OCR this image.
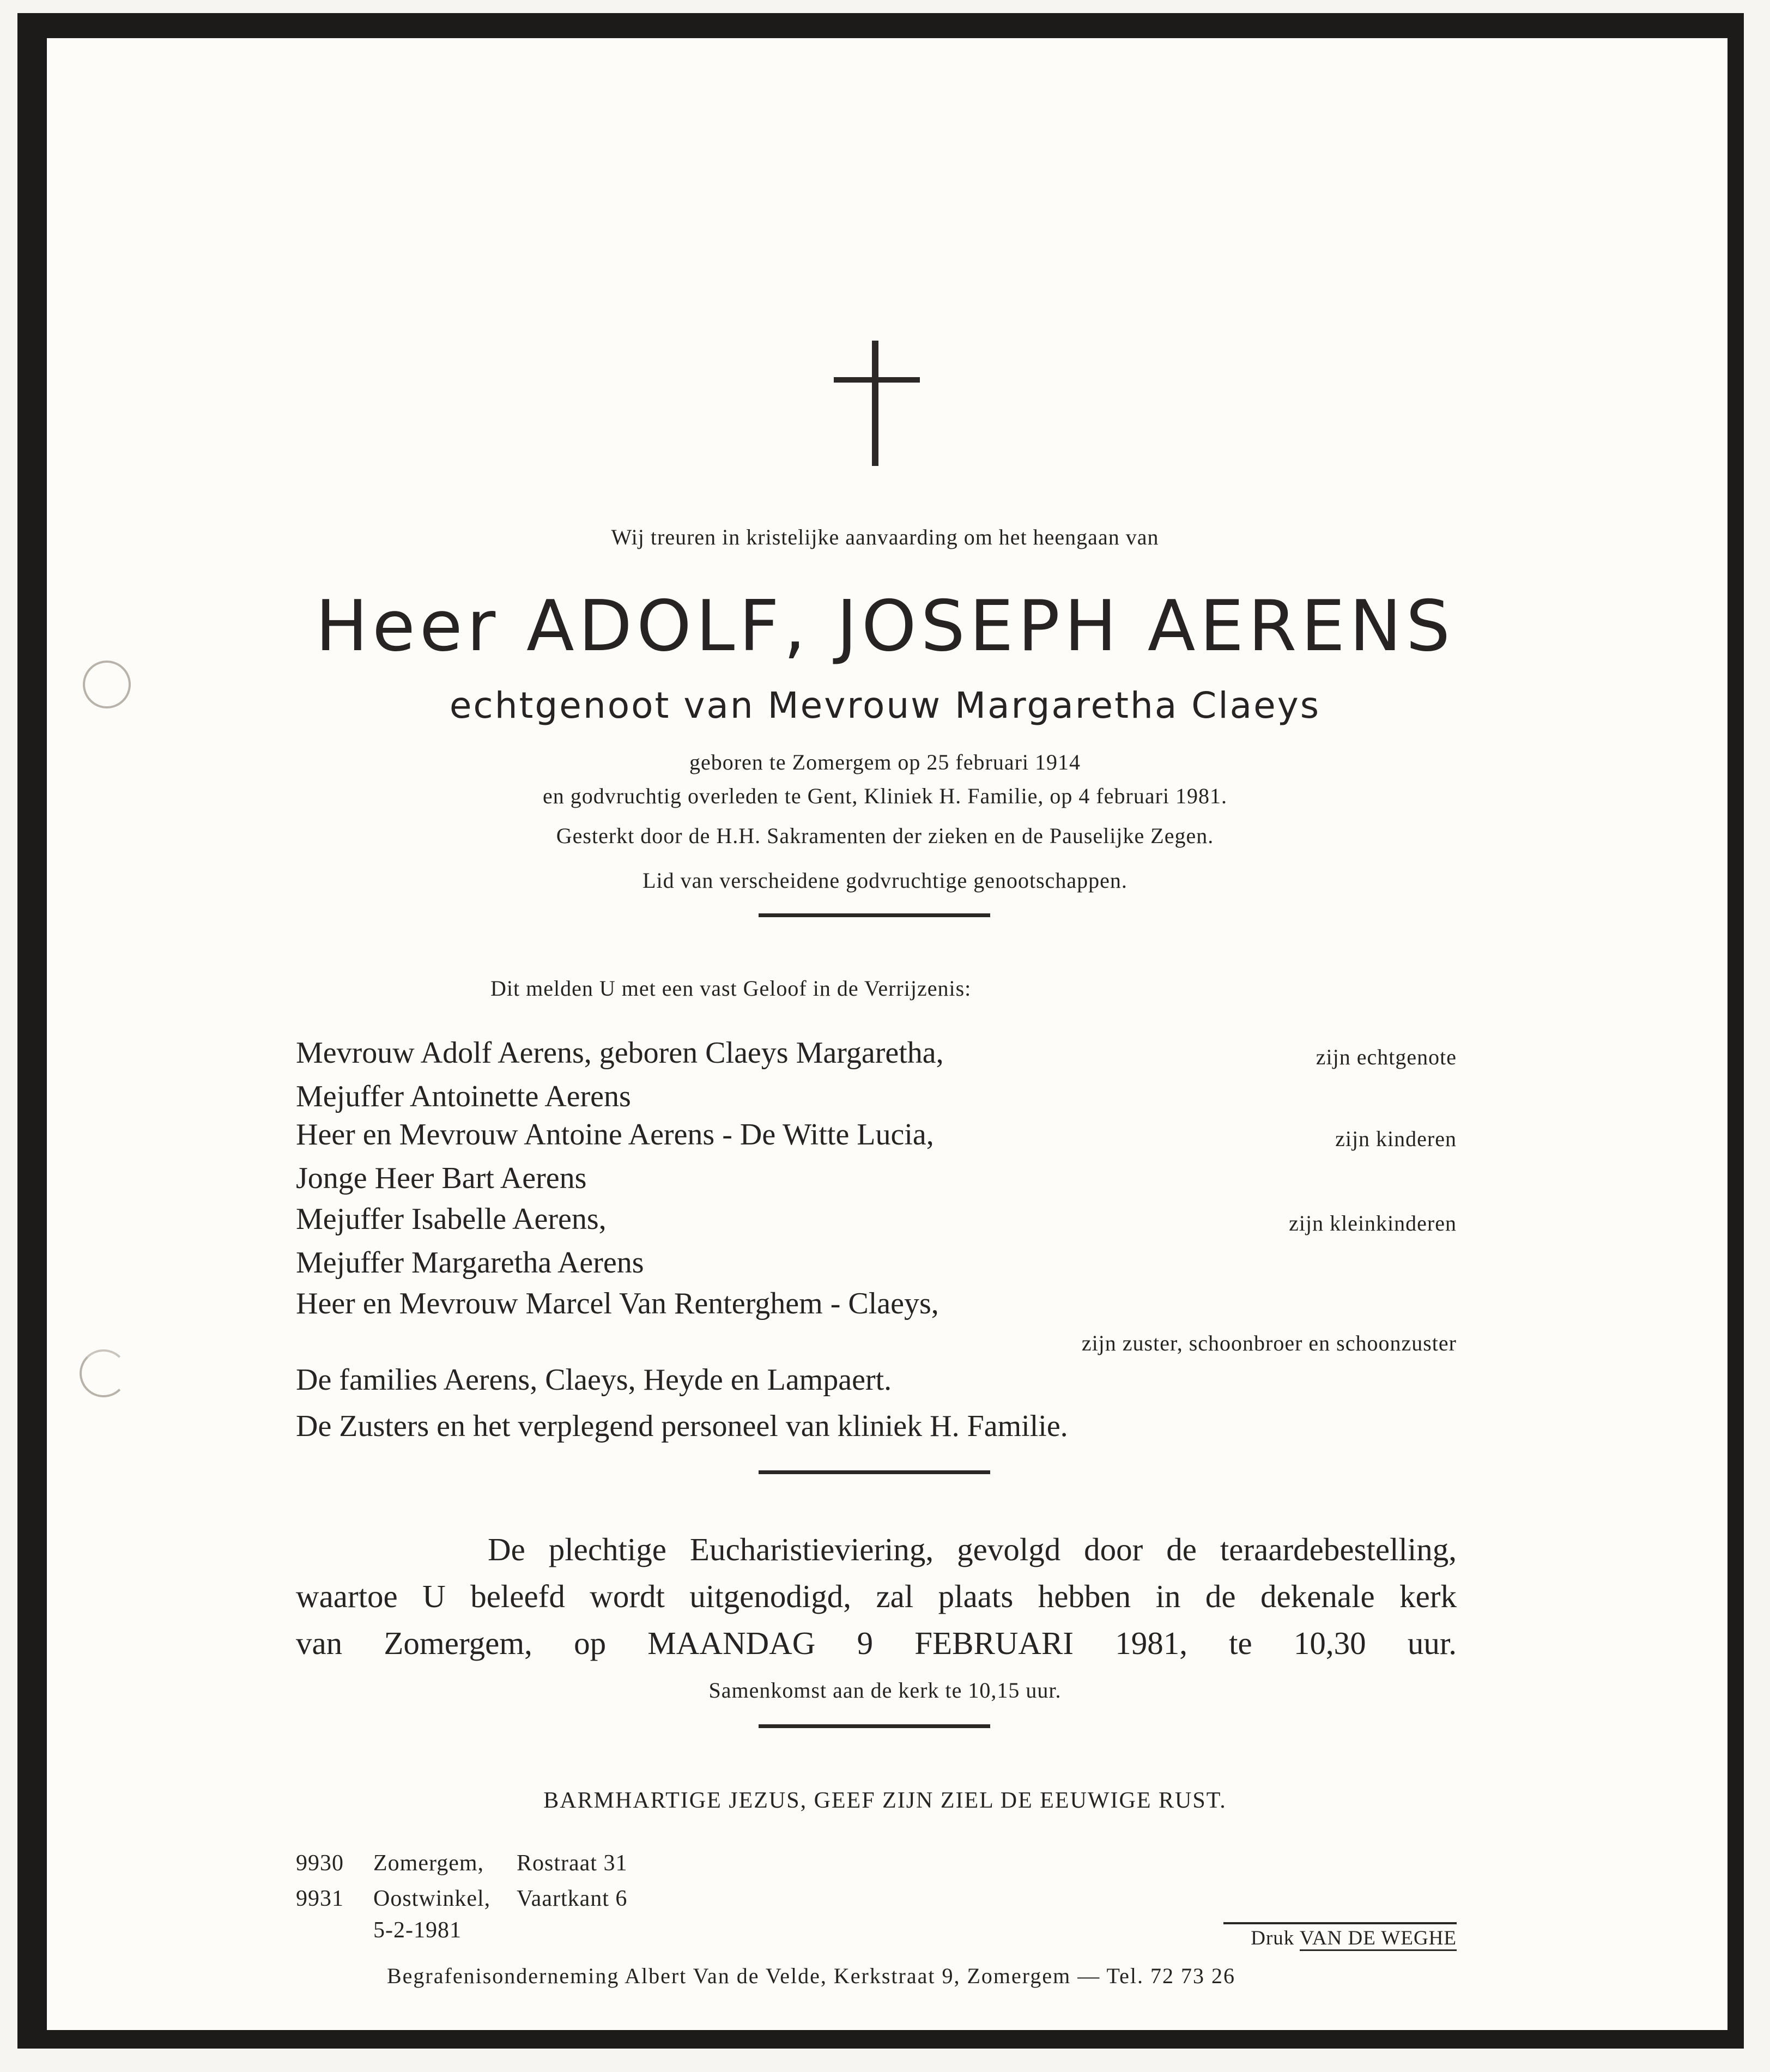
Wij treuren in kristelijke aanvaarding om het heengaan van
Heer ADOLF, JOSEPH AERENS
echtgenoot van Mevrouw Margaretha Claeys
geboren te Zomergem op 25 februari 1914
en godvruchtig overleden te Gent, Kliniek H. Familie, op 4 februari 1981.
Gesterkt door de H.H. Sakramenten der zieken en de Pauselijke Zegen.
Lid van verscheidene godvruchtige genootschappen.
Dit melden U met een vast Geloof in de Verrijzenis:
Mevrouw Adolf Aerens, geboren Claeys Margaretha,	zijn echtgenote
Mejuffer Antoinette Aerens
Heer en Mevrouw Antoine Aerens - De Witte Lucia,	zijn kinderen
Jonge Heer Bart Aerens
Mejuffer Isabelle Aerens,	zijn kleinkinderen
Mejuffer Margaretha Aerens
Heer en Mevrouw Marcel Van Renterghem - Claeys,
zijn zuster, schoonbroer en schoonzuster
De families Aerens, Claeys, Heyde en Lampaert.
De Zusters en het verplegend personeel van kliniek H. Familie.
De plechtige Eucharistieviering, gevolgd door de teraardebestelling,
waartoe U beleefd wordt uitgenodigd, zal plaats hebben in de dekenale kerk
van Zomergem, op MAANDAG 9 FEBRUARI 1981, te 10,30 uur.
Samenkomst aan de kerk te 10,15 uur.
BARMHARTIGE JEZUS, GEEF ZIJN ZIEL DE EEUWIGE RUST.
9930 Zomergem, Rostraat 31
9931 Oostwinkel, Vaartkant 6
5-2-1981	Druk VAN DE WEGHE
Begrafenisonderneming Albert Van de Velde, Kerkstraat 9, Zomergem — Tel. 72 73 26
